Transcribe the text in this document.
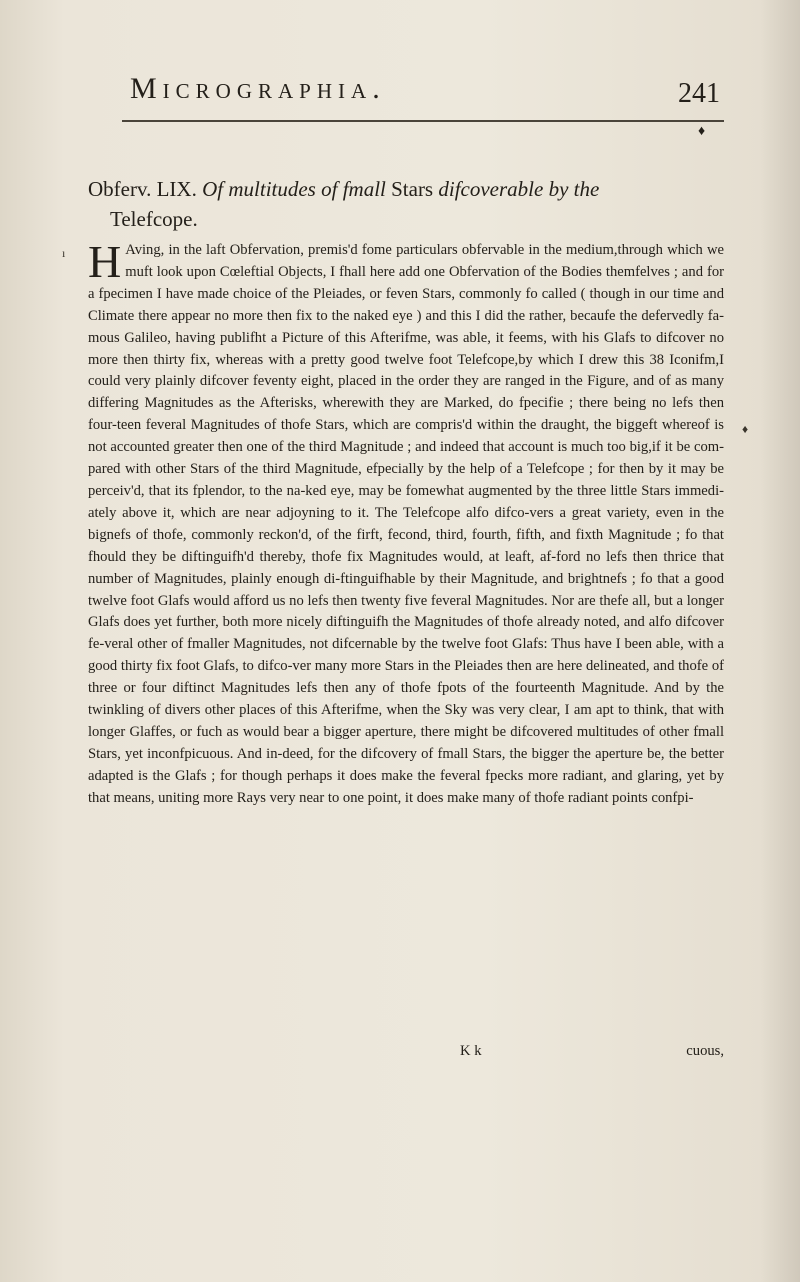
Micrographia.	241
♦
Obferv. LIX. Of multitudes of fmall Stars difcoverable by the
Telefcope.
ı
♦

H Aving, in the laft Obfervation, premis'd fome particulars obfervable in the medium,through which we muft look upon Cœleftial Objects, I fhall here add one Obfervation of the Bodies themfelves ; and for a fpecimen I have made choice of the Pleiades, or feven Stars, commonly fo called ( though in our time and Climate there appear no more then fix to the naked eye ) and this I did the rather, becaufe the defervedly fa-mous Galileo, having publifht a Picture of this Afterifme, was able, it feems, with his Glafs to difcover no more then thirty fix, whereas with a pretty good twelve foot Telefcope,by which I drew this 38 Iconifm,I could very plainly difcover feventy eight, placed in the order they are ranged in the Figure, and of as many differing Magnitudes as the Afterisks, wherewith they are Marked, do fpecifie ; there being no lefs then four-teen feveral Magnitudes of thofe Stars, which are compris'd within the draught, the biggeft whereof is not accounted greater then one of the third Magnitude ; and indeed that account is much too big,if it be com-pared with other Stars of the third Magnitude, efpecially by the help of a Telefcope ; for then by it may be perceiv'd, that its fplendor, to the na-ked eye, may be fomewhat augmented by the three little Stars immedi-ately above it, which are near adjoyning to it. The Telefcope alfo difco-vers a great variety, even in the bignefs of thofe, commonly reckon'd, of the firft, fecond, third, fourth, fifth, and fixth Magnitude ; fo that fhould they be diftinguifh'd thereby, thofe fix Magnitudes would, at leaft, af-ford no lefs then thrice that number of Magnitudes, plainly enough di-ftinguifhable by their Magnitude, and brightnefs ; fo that a good twelve foot Glafs would afford us no lefs then twenty five feveral Magnitudes. Nor are thefe all, but a longer Glafs does yet further, both more nicely diftinguifh the Magnitudes of thofe already noted, and alfo difcover fe-veral other of fmaller Magnitudes, not difcernable by the twelve foot Glafs: Thus have I been able, with a good thirty fix foot Glafs, to difco-ver many more Stars in the Pleiades then are here delineated, and thofe of three or four diftinct Magnitudes lefs then any of thofe fpots of the fourteenth Magnitude. And by the twinkling of divers other places of this Afterifme, when the Sky was very clear, I am apt to think, that with longer Glaffes, or fuch as would bear a bigger aperture, there might be difcovered multitudes of other fmall Stars, yet inconfpicuous. And in-deed, for the difcovery of fmall Stars, the bigger the aperture be, the better adapted is the Glafs ; for though perhaps it does make the feveral fpecks more radiant, and glaring, yet by that means, uniting more Rays very near to one point, it does make many of thofe radiant points confpi-

K k	cuous,
